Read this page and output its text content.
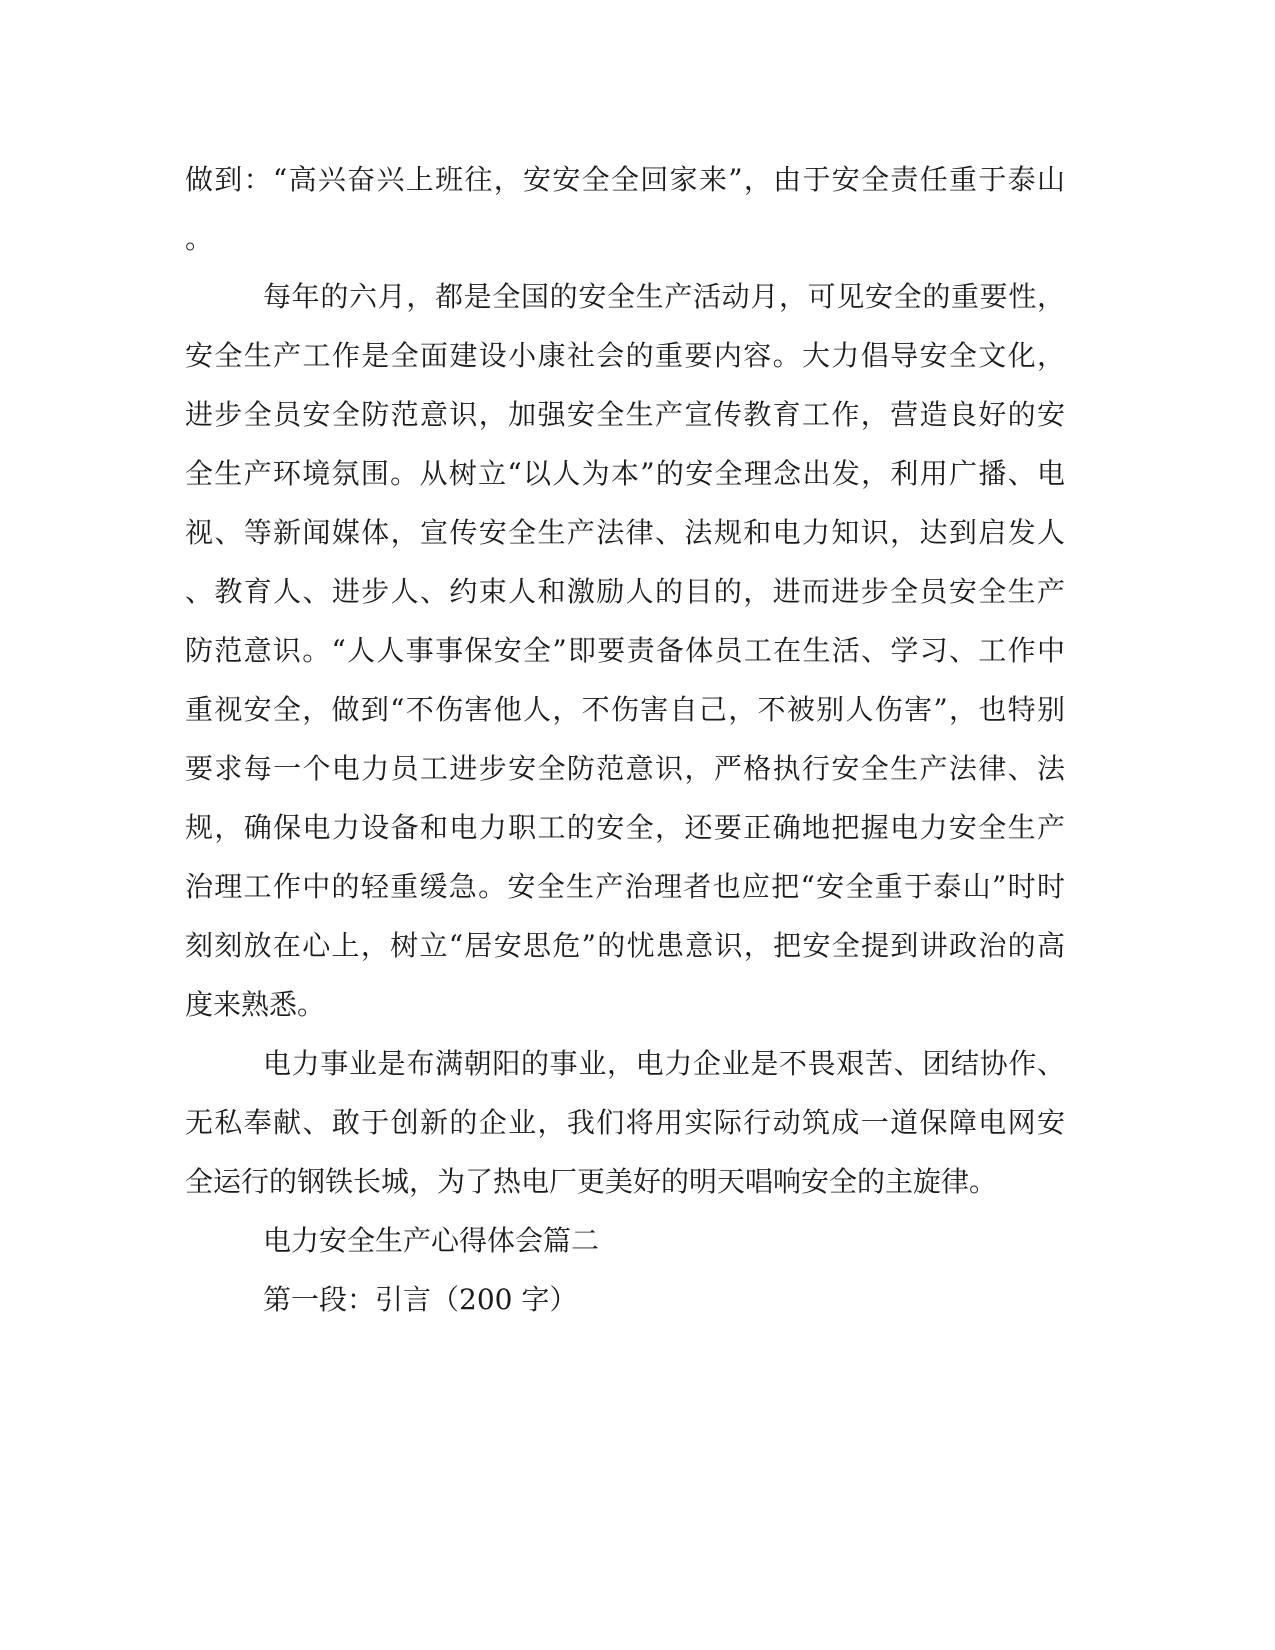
做到：“高兴奋兴上班往，安安全全回家来”，由于安全责任重于泰山
。
每年的六月，都是全国的安全生产活动月，可见安全的重要性，
安全生产工作是全面建设小康社会的重要内容。大力倡导安全文化，
进步全员安全防范意识，加强安全生产宣传教育工作，营造良好的安
全生产环境氛围。从树立“以人为本”的安全理念出发，利用广播、电
视、等新闻媒体，宣传安全生产法律、法规和电力知识，达到启发人
、教育人、进步人、约束人和激励人的目的，进而进步全员安全生产
防范意识。“人人事事保安全”即要责备体员工在生活、学习、工作中
重视安全，做到“不伤害他人，不伤害自己，不被别人伤害”，也特别
要求每一个电力员工进步安全防范意识，严格执行安全生产法律、法
规，确保电力设备和电力职工的安全，还要正确地把握电力安全生产
治理工作中的轻重缓急。安全生产治理者也应把“安全重于泰山”时时
刻刻放在心上，树立“居安思危”的忧患意识，把安全提到讲政治的高
度来熟悉。
电力事业是布满朝阳的事业，电力企业是不畏艰苦、团结协作、
无私奉献、敢于创新的企业，我们将用实际行动筑成一道保障电网安
全运行的钢铁长城，为了热电厂更美好的明天唱响安全的主旋律。
电力安全生产心得体会篇二
第一段：引言（200 字）
